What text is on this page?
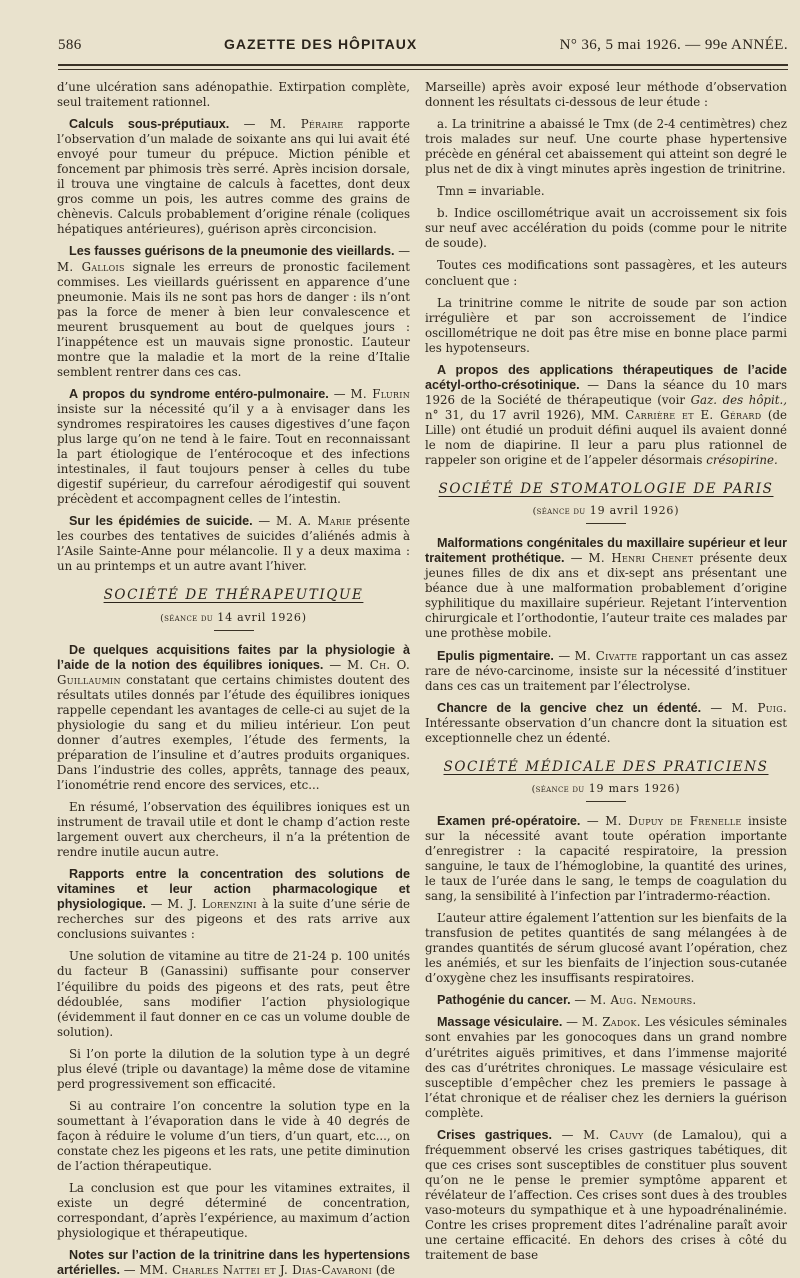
586	GAZETTE DES HÔPITAUX	N° 36, 5 mai 1926. — 99e ANNÉE.

d’une ulcération sans adénopathie. Extirpation complète, seul traitement rationnel.

Calculs sous-préputiaux. — M. Péraire rapporte l’observation d’un malade de soixante ans qui lui avait été envoyé pour tumeur du prépuce. Miction pénible et foncement par phimosis très serré. Après incision dorsale, il trouva une vingtaine de calculs à facettes, dont deux gros comme un pois, les autres comme des grains de chènevis. Calculs probablement d’origine rénale (coliques hépatiques antérieures), guérison après circoncision.

Les fausses guérisons de la pneumonie des vieillards. — M. Gallois signale les erreurs de pronostic facilement commises. Les vieillards guérissent en apparence d’une pneumonie. Mais ils ne sont pas hors de danger : ils n’ont pas la force de mener à bien leur convalescence et meurent brusquement au bout de quelques jours : l’inappétence est un mauvais signe pronostic. L’auteur montre que la maladie et la mort de la reine d’Italie semblent rentrer dans ces cas.

A propos du syndrome entéro-pulmonaire. — M. Flurin insiste sur la nécessité qu’il y a à envisager dans les syndromes respiratoires les causes digestives d’une façon plus large qu’on ne tend à le faire. Tout en reconnaissant la part étiologique de l’entérocoque et des infections intestinales, il faut toujours penser à celles du tube digestif supérieur, du carrefour aérodigestif qui souvent précèdent et accompagnent celles de l’intestin.

Sur les épidémies de suicide. — M. A. Marie présente les courbes des tentatives de suicides d’aliénés admis à l’Asile Sainte-Anne pour mélancolie. Il y a deux maxima : un au printemps et un autre avant l’hiver.

SOCIÉTÉ DE THÉRAPEUTIQUE
(séance du 14 avril 1926)

De quelques acquisitions faites par la physiologie à l’aide de la notion des équilibres ioniques. — M. Ch. O. Guillaumin constatant que certains chimistes doutent des résultats utiles donnés par l’étude des équilibres ioniques rappelle cependant les avantages de celle-ci au sujet de la physiologie du sang et du milieu intérieur. L’on peut donner d’autres exemples, l’étude des ferments, la préparation de l’insuline et d’autres produits organiques. Dans l’industrie des colles, apprêts, tannage des peaux, l’ionométrie rend encore des services, etc...

En résumé, l’observation des équilibres ioniques est un instrument de travail utile et dont le champ d’action reste largement ouvert aux chercheurs, il n’a la prétention de rendre inutile aucun autre.

Rapports entre la concentration des solutions de vitamines et leur action pharmacologique et physiologique. — M. J. Lorenzini à la suite d’une série de recherches sur des pigeons et des rats arrive aux conclusions suivantes :

Une solution de vitamine au titre de 21-24 p. 100 unités du facteur B (Ganassini) suffisante pour conserver l’équilibre du poids des pigeons et des rats, peut être dédoublée, sans modifier l’action physiologique (évidemment il faut donner en ce cas un volume double de solution).

Si l’on porte la dilution de la solution type à un degré plus élevé (triple ou davantage) la même dose de vitamine perd progressivement son efficacité.

Si au contraire l’on concentre la solution type en la soumettant à l’évaporation dans le vide à 40 degrés de façon à réduire le volume d’un tiers, d’un quart, etc..., on constate chez les pigeons et les rats, une petite diminution de l’action thérapeutique.

La conclusion est que pour les vitamines extraites, il existe un degré déterminé de concentration, correspondant, d’après l’expérience, au maximum d’action physiologique et thérapeutique.

Notes sur l’action de la trinitrine dans les hypertensions artérielles. — MM. Charles Nattei et J. Dias-Cavaroni (de

Marseille) après avoir exposé leur méthode d’observation donnent les résultats ci-dessous de leur étude :

a. La trinitrine a abaissé le Tmx (de 2-4 centimètres) chez trois malades sur neuf. Une courte phase hypertensive précède en général cet abaissement qui atteint son degré le plus net de dix à vingt minutes après ingestion de trinitrine.

Tmn = invariable.

b. Indice oscillométrique avait un accroissement six fois sur neuf avec accélération du poids (comme pour le nitrite de soude).

Toutes ces modifications sont passagères, et les auteurs concluent que :

La trinitrine comme le nitrite de soude par son action irrégulière et par son accroissement de l’indice oscillométrique ne doit pas être mise en bonne place parmi les hypotenseurs.

A propos des applications thérapeutiques de l’acide acétyl-ortho-crésotinique. — Dans la séance du 10 mars 1926 de la Société de thérapeutique (voir Gaz. des hôpit., n° 31, du 17 avril 1926), MM. Carrière et E. Gérard (de Lille) ont étudié un produit défini auquel ils avaient donné le nom de diapirine. Il leur a paru plus rationnel de rappeler son origine et de l’appeler désormais crésopirine.

SOCIÉTÉ DE STOMATOLOGIE DE PARIS
(séance du 19 avril 1926)

Malformations congénitales du maxillaire supérieur et leur traitement prothétique. — M. Henri Chenet présente deux jeunes filles de dix ans et dix-sept ans présentant une béance due à une malformation probablement d’origine syphilitique du maxillaire supérieur. Rejetant l’intervention chirurgicale et l’orthodontie, l’auteur traite ces malades par une prothèse mobile.

Epulis pigmentaire. — M. Civatte rapportant un cas assez rare de névo-carcinome, insiste sur la nécessité d’instituer dans ces cas un traitement par l’électrolyse.

Chancre de la gencive chez un édenté. — M. Puig. Intéressante observation d’un chancre dont la situation est exceptionnelle chez un édenté.

SOCIÉTÉ MÉDICALE DES PRATICIENS
(séance du 19 mars 1926)

Examen pré-opératoire. — M. Dupuy de Frenelle insiste sur la nécessité avant toute opération importante d’enregistrer : la capacité respiratoire, la pression sanguine, le taux de l’hémoglobine, la quantité des urines, le taux de l’urée dans le sang, le temps de coagulation du sang, la sensibilité à l’infection par l’intradermo-réaction.

L’auteur attire également l’attention sur les bienfaits de la transfusion de petites quantités de sang mélangées à de grandes quantités de sérum glucosé avant l’opération, chez les anémiés, et sur les bienfaits de l’injection sous-cutanée d’oxygène chez les insuffisants respiratoires.

Pathogénie du cancer. — M. Aug. Nemours.

Massage vésiculaire. — M. Zadok. Les vésicules séminales sont envahies par les gonocoques dans un grand nombre d’urétrites aiguës primitives, et dans l’immense majorité des cas d’urétrites chroniques. Le massage vésiculaire est susceptible d’empêcher chez les premiers le passage à l’état chronique et de réaliser chez les derniers la guérison complète.

Crises gastriques. — M. Cauvy (de Lamalou), qui a fréquemment observé les crises gastriques tabétiques, dit que ces crises sont susceptibles de constituer plus souvent qu’on ne le pense le premier symptôme apparent et révélateur de l’affection. Ces crises sont dues à des troubles vaso-moteurs du sympathique et à une hypoadrénalinémie. Contre les crises proprement dites l’adrénaline paraît avoir une certaine efficacité. En dehors des crises à côté du traitement de base
